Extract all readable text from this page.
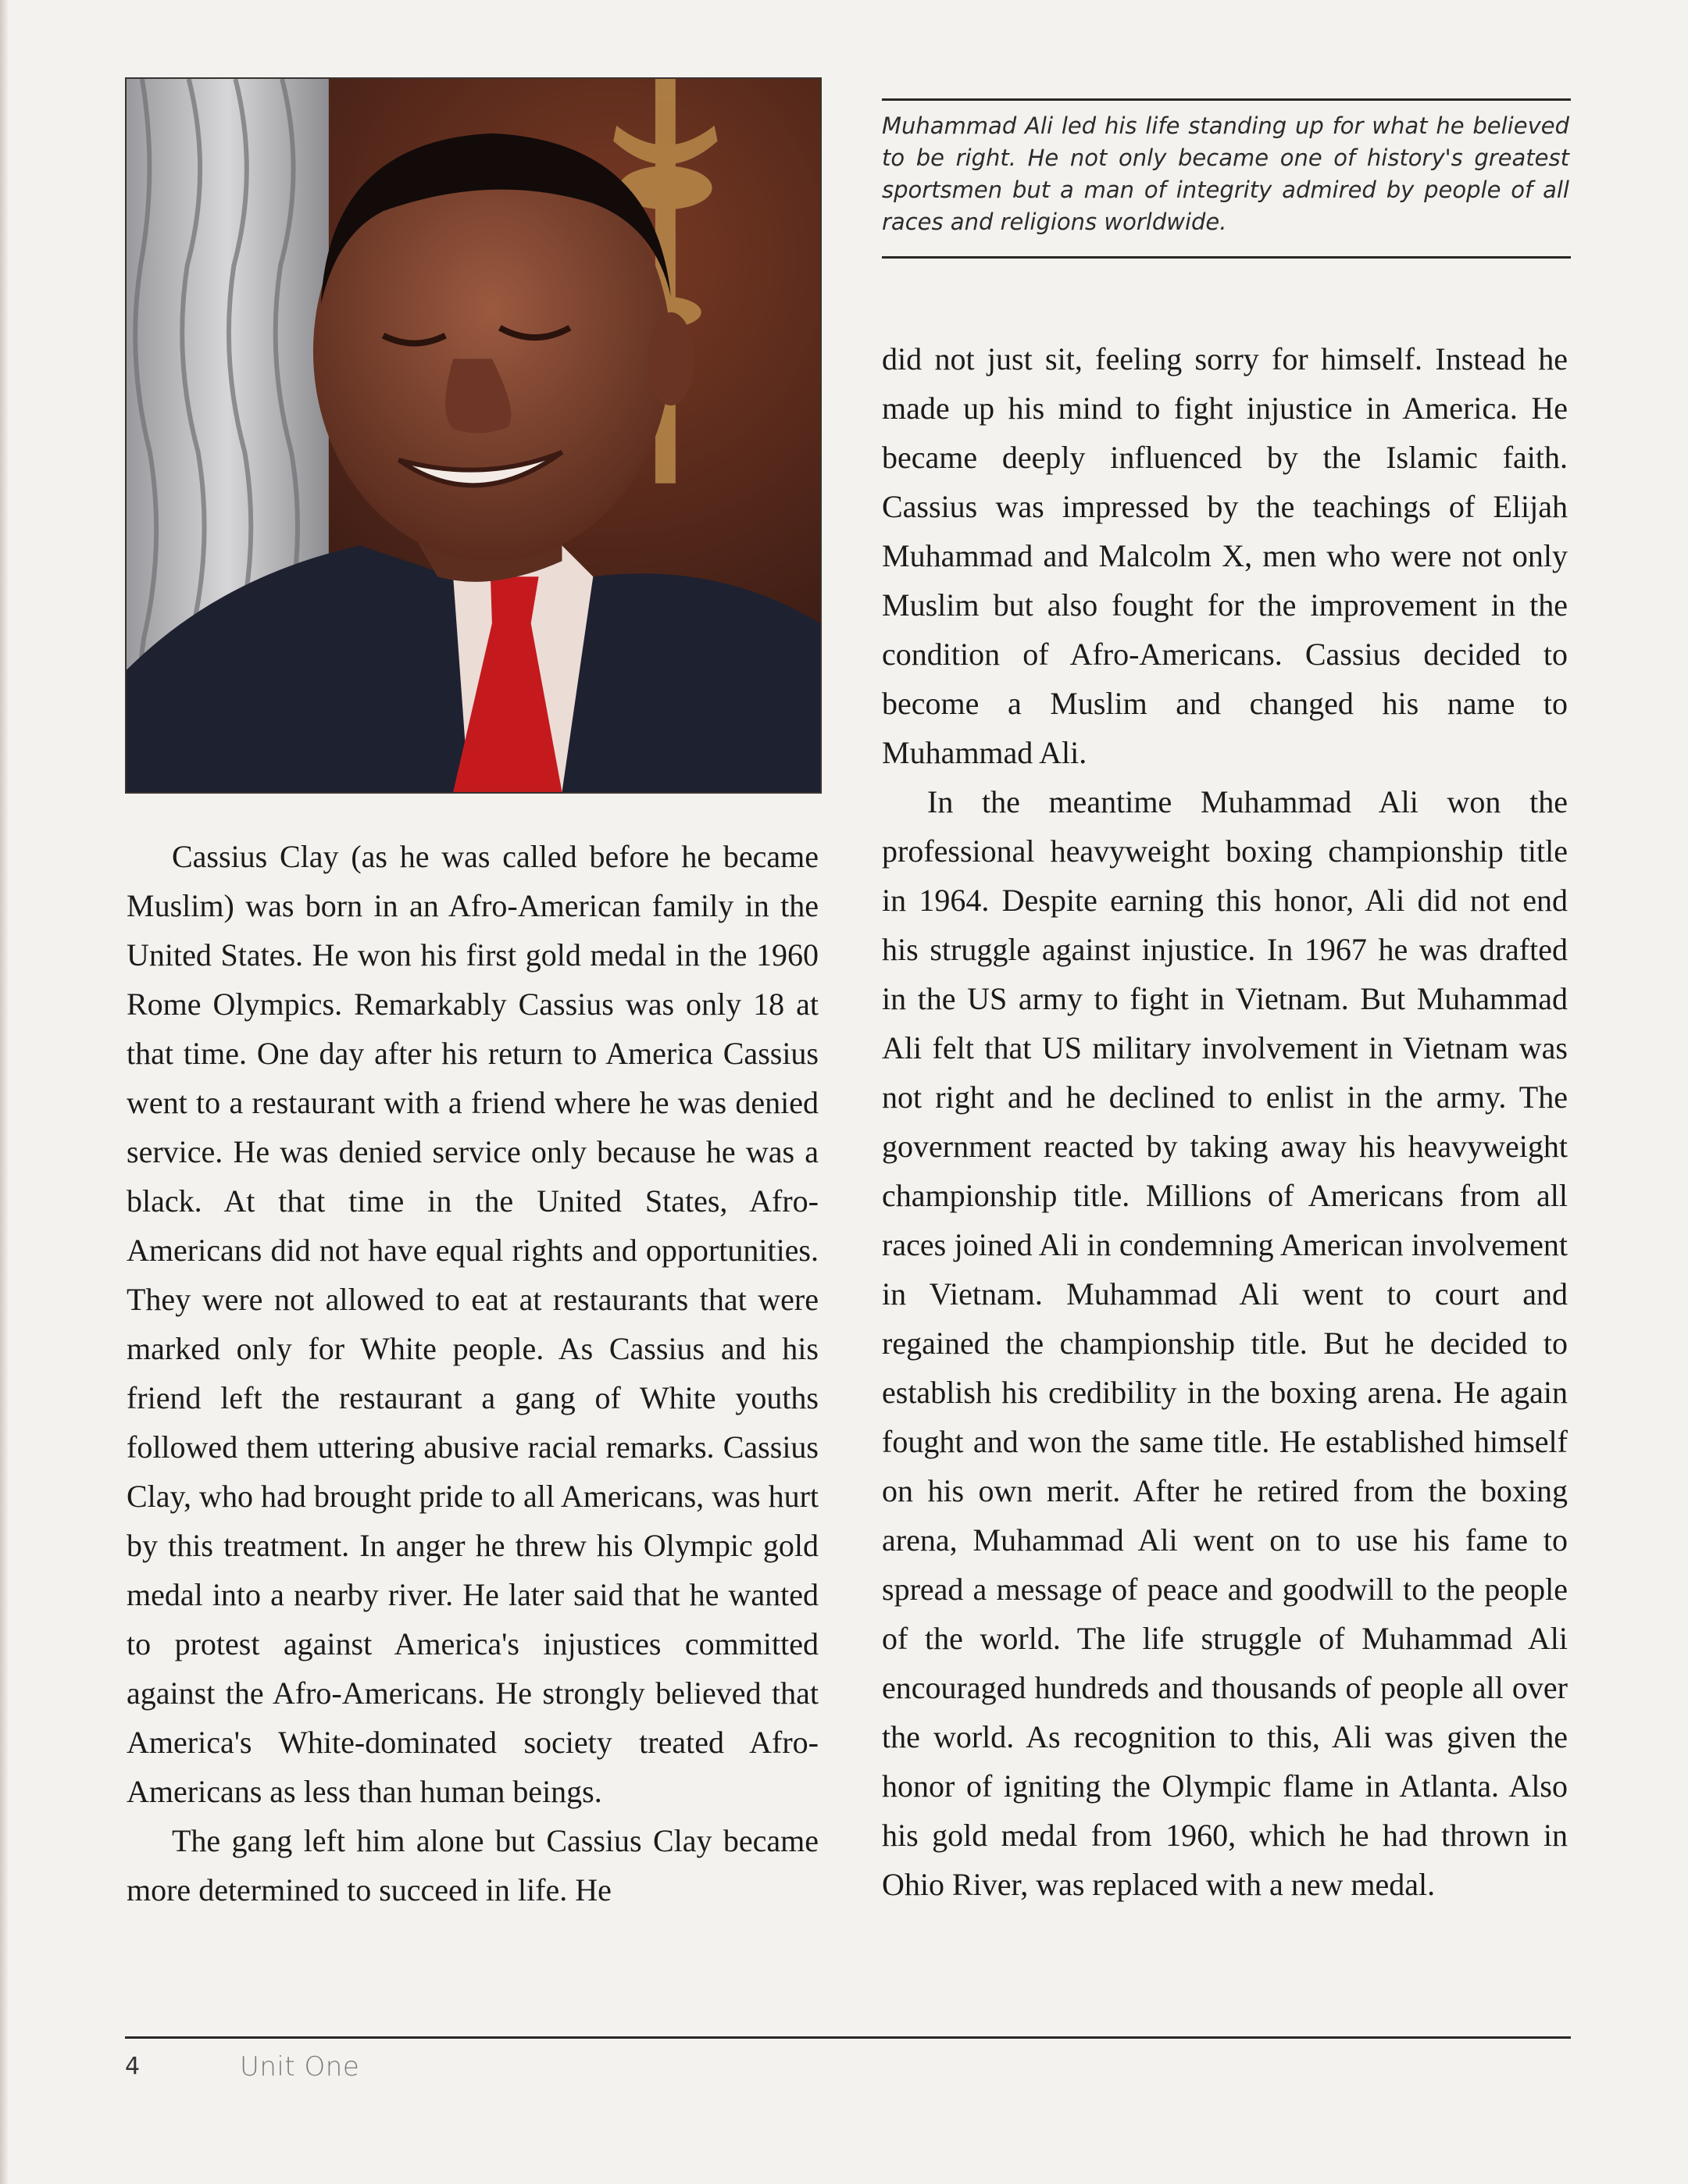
Muhammad Ali led his life standing up for what he believed to be right. He not only became one of history's greatest sportsmen but a man of integrity admired by people of all races and religions worldwide.

Cassius Clay (as he was called before he became Muslim) was born in an Afro-American family in the United States. He won his first gold medal in the 1960 Rome Olympics. Remarkably Cassius was only 18 at that time. One day after his return to America Cassius went to a restaurant with a friend where he was denied service. He was denied service only because he was a black. At that time in the United States, Afro-Americans did not have equal rights and opportunities. They were not allowed to eat at restaurants that were marked only for White people. As Cassius and his friend left the restaurant a gang of White youths followed them uttering abusive racial remarks. Cassius Clay, who had brought pride to all Americans, was hurt by this treatment. In anger he threw his Olympic gold medal into a nearby river. He later said that he wanted to protest against America's injustices committed against the Afro-Americans. He strongly believed that America's White-dominated society treated Afro-Americans as less than human beings.

The gang left him alone but Cassius Clay became more determined to succeed in life. He

did not just sit, feeling sorry for himself. Instead he made up his mind to fight injustice in America. He became deeply influenced by the Islamic faith. Cassius was impressed by the teachings of Elijah Muhammad and Malcolm X, men who were not only Muslim but also fought for the improvement in the condition of Afro-Americans. Cassius decided to become a Muslim and changed his name to Muhammad Ali.

In the meantime Muhammad Ali won the professional heavyweight boxing championship title in 1964. Despite earning this honor, Ali did not end his struggle against injustice. In 1967 he was drafted in the US army to fight in Vietnam. But Muhammad Ali felt that US military involvement in Vietnam was not right and he declined to enlist in the army. The government reacted by taking away his heavyweight championship title. Millions of Americans from all races joined Ali in condemning American involvement in Vietnam. Muhammad Ali went to court and regained the championship title. But he decided to establish his credibility in the boxing arena. He again fought and won the same title. He established himself on his own merit. After he retired from the boxing arena, Muhammad Ali went on to use his fame to spread a message of peace and goodwill to the people of the world. The life struggle of Muhammad Ali encouraged hundreds and thousands of people all over the world. As recognition to this, Ali was given the honor of igniting the Olympic flame in Atlanta. Also his gold medal from 1960, which he had thrown in Ohio River, was replaced with a new medal.

4	Unit One
